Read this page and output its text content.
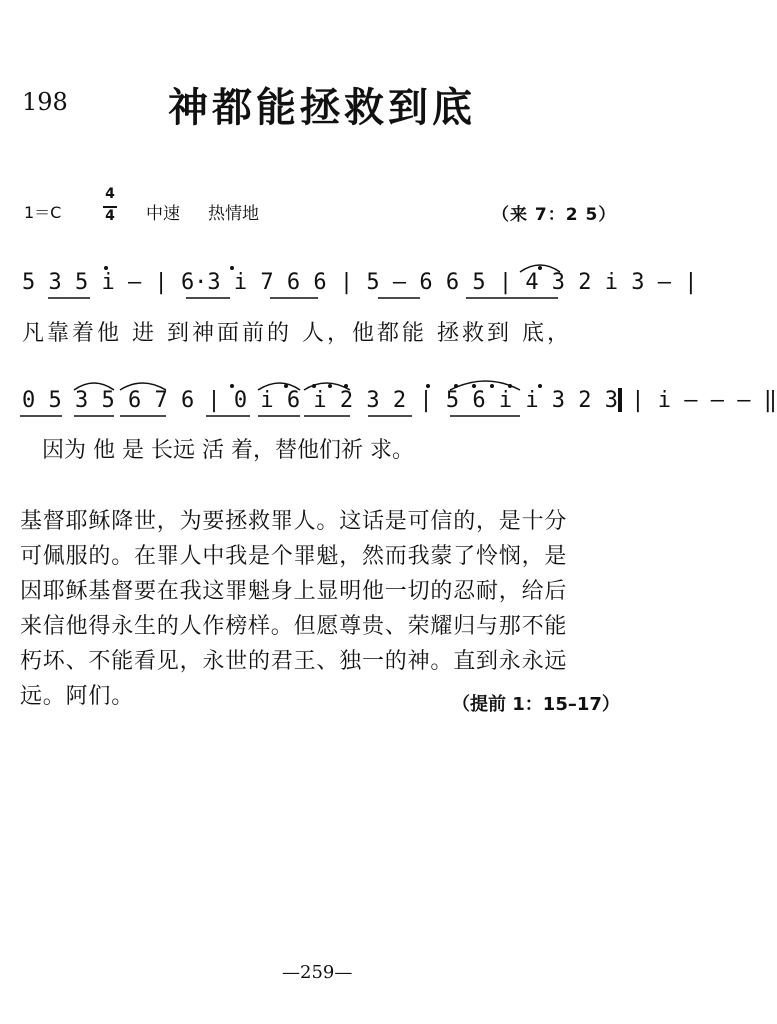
198	神都能拯救到底
1＝C
4
4	中速 热情地	（来 7：2 5）
5 3 5 i – | 6·3 i 7 6 6 | 5 – 6 6 5 | 4 3 2 i 3 – |
凡靠着他 进 到神面前的 人，他都能 拯救到 底，
0 5 3 5 6 7 6 | 0 i 6 i 2 3 2 | 5 6 i i 3 2 3 | i – – – ‖
因为 他 是 长远 活 着，替他们祈 求。
基督耶稣降世，为要拯救罪人。这话是可信的，是十分
可佩服的。在罪人中我是个罪魁，然而我蒙了怜悯，是
因耶稣基督要在我这罪魁身上显明他一切的忍耐，给后
来信他得永生的人作榜样。但愿尊贵、荣耀归与那不能
朽坏、不能看见，永世的君王、独一的神。直到永永远
远。阿们。	（提前 1：15–17）
—259—
